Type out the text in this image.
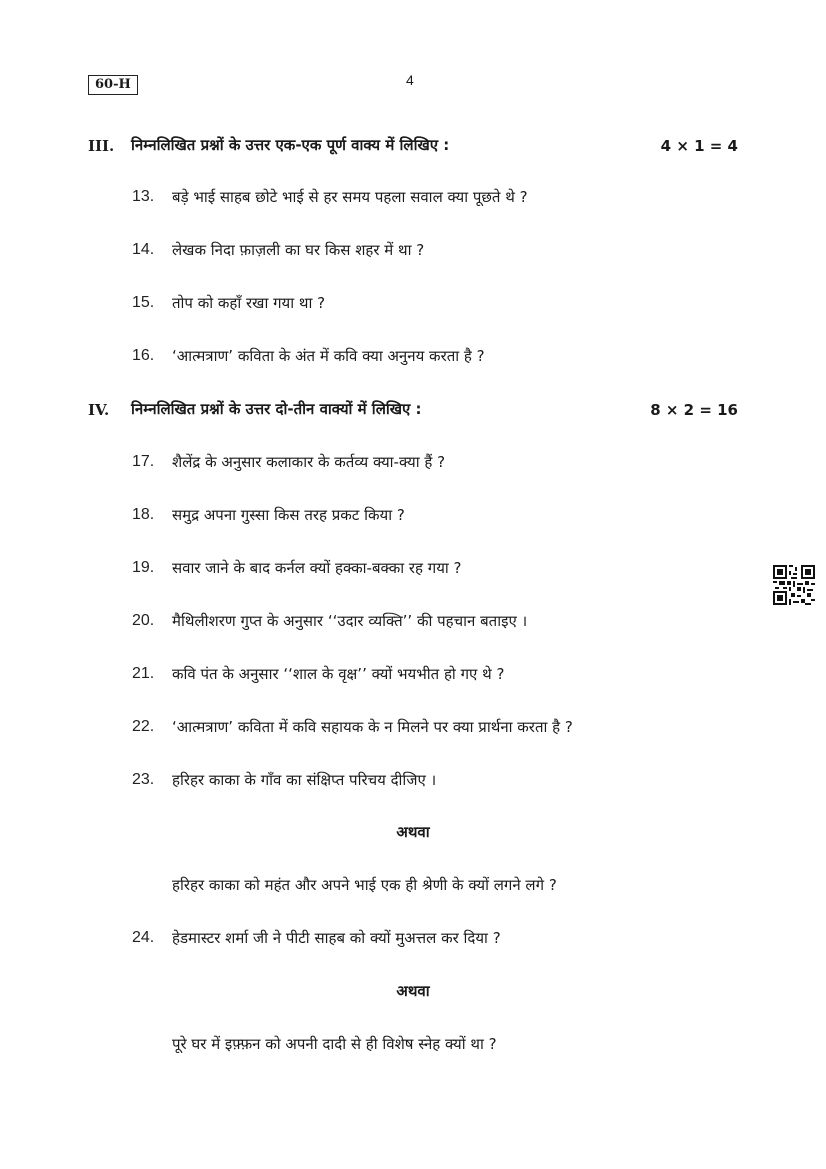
60-H	4
III. निम्नलिखित प्रश्नों के उत्तर एक-एक पूर्ण वाक्य में लिखिए :	4 × 1 = 4
13. बड़े भाई साहब छोटे भाई से हर समय पहला सवाल क्या पूछते थे ?
14. लेखक निदा फ़ाज़ली का घर किस शहर में था ?
15. तोप को कहाँ रखा गया था ?
16. ‘आत्मत्राण’ कविता के अंत में कवि क्या अनुनय करता है ?
IV. निम्नलिखित प्रश्नों के उत्तर दो-तीन वाक्यों में लिखिए :	8 × 2 = 16
17. शैलेंद्र के अनुसार कलाकार के कर्तव्य क्या-क्या हैं ?
18. समुद्र अपना गुस्सा किस तरह प्रकट किया ?
19. सवार जाने के बाद कर्नल क्यों हक्का-बक्का रह गया ?
20. मैथिलीशरण गुप्त के अनुसार ‘‘उदार व्यक्ति’’ की पहचान बताइए ।
21. कवि पंत के अनुसार ‘‘शाल के वृक्ष’’ क्यों भयभीत हो गए थे ?
22. ‘आत्मत्राण’ कविता में कवि सहायक के न मिलने पर क्या प्रार्थना करता है ?
23. हरिहर काका के गाँव का संक्षिप्त परिचय दीजिए ।
अथवा
हरिहर काका को महंत और अपने भाई एक ही श्रेणी के क्यों लगने लगे ?
24. हेडमास्टर शर्मा जी ने पीटी साहब को क्यों मुअत्तल कर दिया ?
अथवा
पूरे घर में इफ़्फ़न को अपनी दादी से ही विशेष स्नेह क्यों था ?
